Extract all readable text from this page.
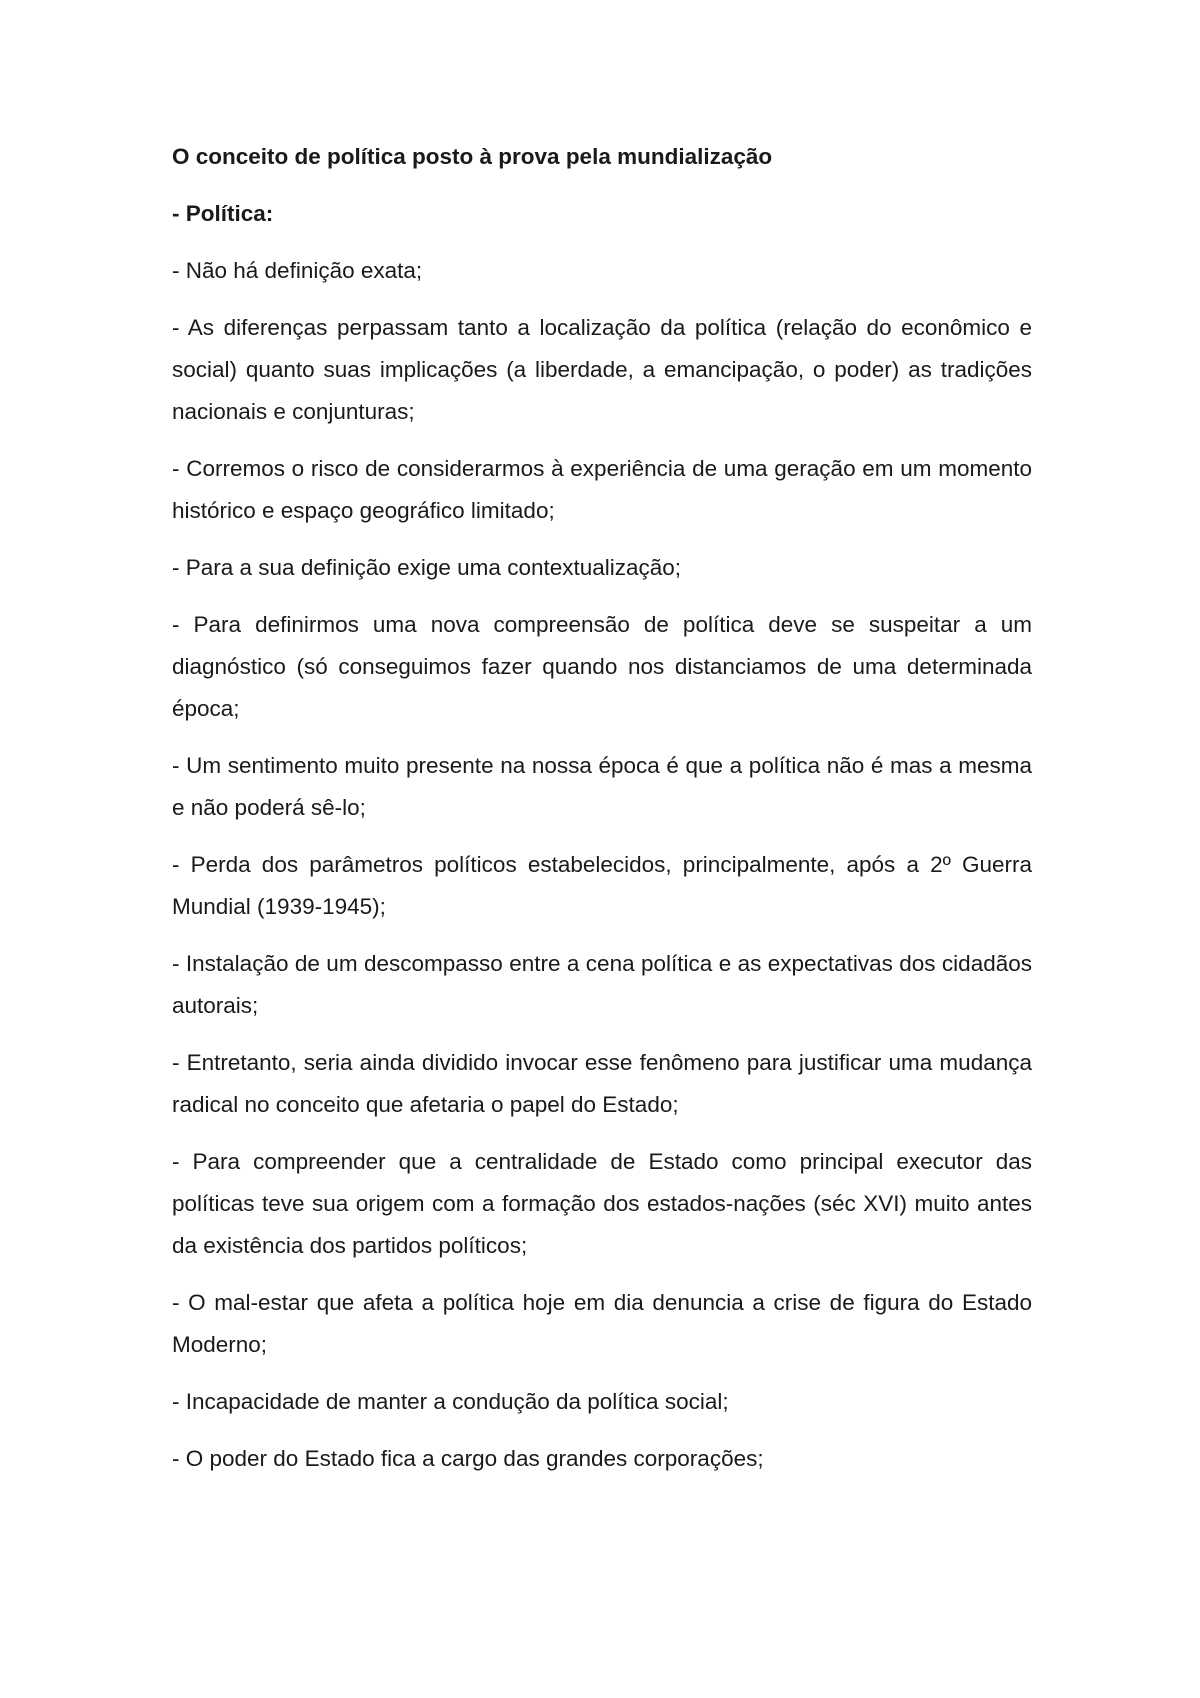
O conceito de política posto à prova pela mundialização

- Política:

- Não há definição exata;

- As diferenças perpassam tanto a localização da política (relação do econômico e social) quanto suas implicações (a liberdade, a emancipação, o poder) as tradições nacionais e conjunturas;

- Corremos o risco de considerarmos à experiência de uma geração em um momento histórico e espaço geográfico limitado;

- Para a sua definição exige uma contextualização;

- Para definirmos uma nova compreensão de política deve se suspeitar a um diagnóstico (só conseguimos fazer quando nos distanciamos de uma determinada época;

- Um sentimento muito presente na nossa época é que a política não é mas a mesma e não poderá sê-lo;

- Perda dos parâmetros políticos estabelecidos, principalmente, após a 2º Guerra Mundial (1939-1945);

- Instalação de um descompasso entre a cena política e as expectativas dos cidadãos autorais;

- Entretanto, seria ainda dividido invocar esse fenômeno para justificar uma mudança radical no conceito que afetaria o papel do Estado;

- Para compreender que a centralidade de Estado como principal executor das políticas teve sua origem com a formação dos estados-nações (séc XVI) muito antes da existência dos partidos políticos;

- O mal-estar que afeta a política hoje em dia denuncia a crise de figura do Estado Moderno;

- Incapacidade de manter a condução da política social;

- O poder do Estado fica a cargo das grandes corporações;
